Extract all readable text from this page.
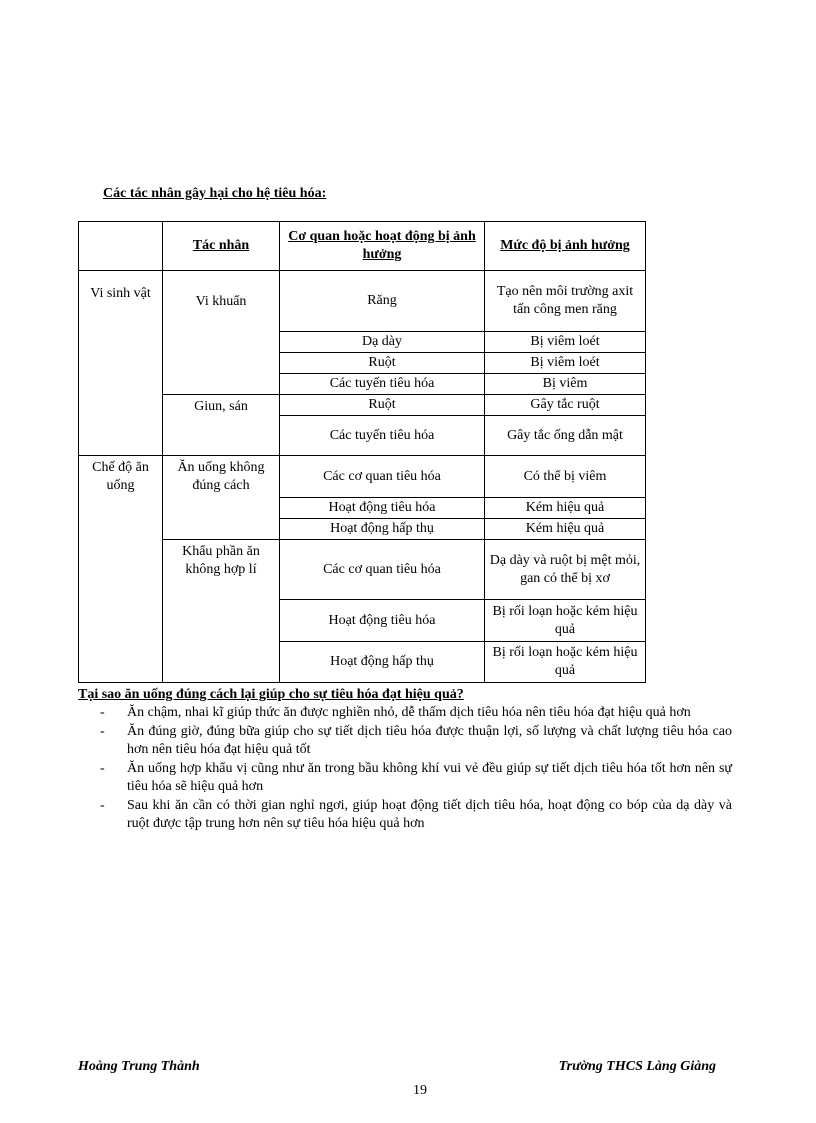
Các tác nhân gây hại cho hệ tiêu hóa:
	Tác nhân	Cơ quan hoặc hoạt động bị ảnh hưởng	Mức độ bị ảnh hưởng
Vi sinh vật	Vi khuẩn	Răng	Tạo nên môi trường axit tấn công men răng
		Dạ dày	Bị viêm loét
		Ruột	Bị viêm loét
		Các tuyến tiêu hóa	Bị viêm
	Giun, sán	Ruột	Gây tắc ruột
		Các tuyến tiêu hóa	Gây tắc ống dẫn mật
Chế độ ăn uống	Ăn uống không đúng cách	Các cơ quan tiêu hóa	Có thể bị viêm
		Hoạt động tiêu hóa	Kém hiệu quả
		Hoạt động hấp thụ	Kém hiệu quả
	Khẩu phần ăn không hợp lí	Các cơ quan tiêu hóa	Dạ dày và ruột bị mệt mỏi, gan có thể bị xơ
		Hoạt động tiêu hóa	Bị rối loạn hoặc kém hiệu quả
		Hoạt động hấp thụ	Bị rối loạn hoặc kém hiệu quả
Tại sao ăn uống đúng cách lại giúp cho sự tiêu hóa đạt hiệu quả?
- Ăn chậm, nhai kĩ giúp thức ăn được nghiền nhỏ, dễ thấm dịch tiêu hóa nên tiêu hóa đạt hiệu quả hơn
- Ăn đúng giờ, đúng bữa giúp cho sự tiết dịch tiêu hóa được thuận lợi, số lượng và chất lượng tiêu hóa cao hơn nên tiêu hóa đạt hiệu quả tốt
- Ăn uống hợp khẩu vị cũng như ăn trong bầu không khí vui vẻ đều giúp sự tiết dịch tiêu hóa tốt hơn nên sự tiêu hóa sẽ hiệu quả hơn
- Sau khi ăn cần có thời gian nghỉ ngơi, giúp hoạt động tiết dịch tiêu hóa, hoạt động co bóp của dạ dày và ruột được tập trung hơn nên sự tiêu hóa hiệu quả hơn
Hoàng Trung Thành	Trường THCS Làng Giàng
19
